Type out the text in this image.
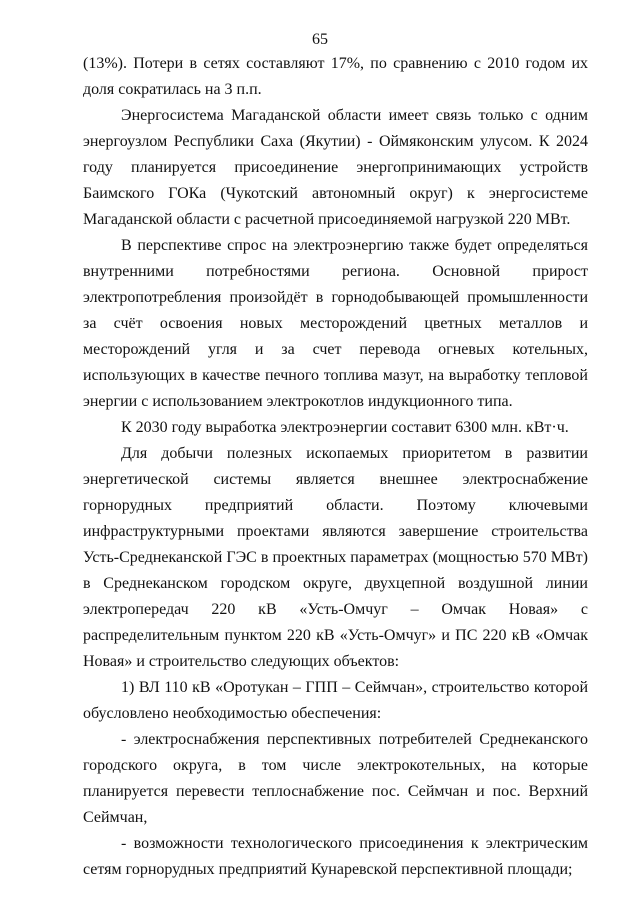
65

(13%). Потери в сетях составляют 17%, по сравнению с 2010 годом их доля сократилась на 3 п.п.

Энергосистема Магаданской области имеет связь только с одним энергоузлом Республики Саха (Якутии) - Оймяконским улусом. К 2024 году планируется присоединение энергопринимающих устройств Баимского ГОКа (Чукотский автономный округ) к энергосистеме Магаданской области с расчетной присоединяемой нагрузкой 220 МВт.

В перспективе спрос на электроэнергию также будет определяться внутренними потребностями региона. Основной прирост электропотребления произойдёт в горнодобывающей промышленности за счёт освоения новых месторождений цветных металлов и месторождений угля и за счет перевода огневых котельных, использующих в качестве печного топлива мазут, на выработку тепловой энергии с использованием электрокотлов индукционного типа.

К 2030 году выработка электроэнергии составит 6300 млн. кВт·ч.

Для добычи полезных ископаемых приоритетом в развитии энергетической системы является внешнее электроснабжение горнорудных предприятий области. Поэтому ключевыми инфраструктурными проектами являются завершение строительства Усть-Среднеканской ГЭС в проектных параметрах (мощностью 570 МВт) в Среднеканском городском округе, двухцепной воздушной линии электропередач 220 кВ «Усть-Омчуг – Омчак Новая» с распределительным пунктом 220 кВ «Усть-Омчуг» и ПС 220 кВ «Омчак Новая» и строительство следующих объектов:

1) ВЛ 110 кВ «Оротукан – ГПП – Сеймчан», строительство которой обусловлено необходимостью обеспечения:

- электроснабжения перспективных потребителей Среднеканского городского округа, в том числе электрокотельных, на которые планируется перевести теплоснабжение пос. Сеймчан и пос. Верхний Сеймчан,

- возможности технологического присоединения к электрическим сетям горнорудных предприятий Кунаревской перспективной площади;
